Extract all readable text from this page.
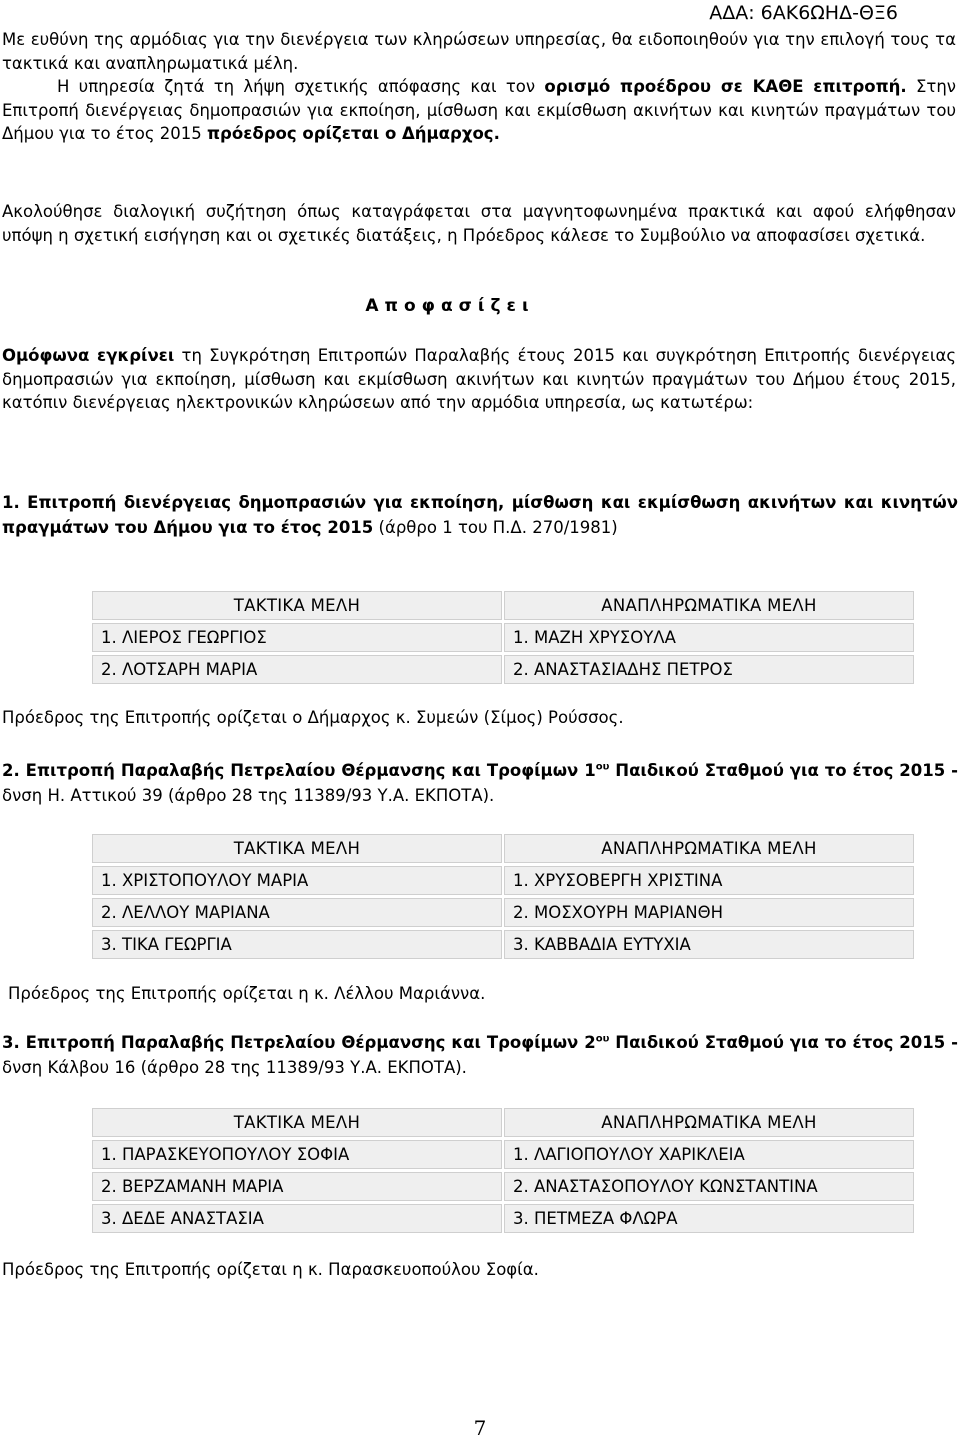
ΑΔΑ: 6ΑΚ6ΩΗΔ-ΘΞ6
Με ευθύνη της αρμόδιας για την διενέργεια των κληρώσεων υπηρεσίας, θα ειδοποιηθούν για την επιλογή τους τα τακτικά και αναπληρωματικά μέλη.
Η υπηρεσία ζητά τη λήψη σχετικής απόφασης και τον ορισμό προέδρου σε ΚΑΘΕ επιτροπή. Στην Επιτροπή διενέργειας δημοπρασιών για εκποίηση, μίσθωση και εκμίσθωση ακινήτων και κινητών πραγμάτων του Δήμου για το έτος 2015 πρόεδρος ορίζεται ο Δήμαρχος.
Ακολούθησε διαλογική συζήτηση όπως καταγράφεται στα μαγνητοφωνημένα πρακτικά και αφού ελήφθησαν υπόψη η σχετική εισήγηση και οι σχετικές διατάξεις, η Πρόεδρος κάλεσε το Συμβούλιο να αποφασίσει σχετικά.
Αποφασίζει
Ομόφωνα εγκρίνει τη Συγκρότηση Επιτροπών Παραλαβής έτους 2015 και συγκρότηση Επιτροπής διενέργειας δημοπρασιών για εκποίηση, μίσθωση και εκμίσθωση ακινήτων και κινητών πραγμάτων του Δήμου έτους 2015, κατόπιν διενέργειας ηλεκτρονικών κληρώσεων από την αρμόδια υπηρεσία, ως κατωτέρω:
1. Επιτροπή διενέργειας δημοπρασιών για εκποίηση, μίσθωση και εκμίσθωση ακινήτων και κινητών πραγμάτων του Δήμου για το έτος 2015 (άρθρο 1 του Π.Δ. 270/1981)
ΤΑΚΤΙΚΑ ΜΕΛΗ	ΑΝΑΠΛΗΡΩΜΑΤΙΚΑ ΜΕΛΗ
1. ΛΙΕΡΟΣ ΓΕΩΡΓΙΟΣ	1. ΜΑΖΗ ΧΡΥΣΟΥΛΑ
2. ΛΟΤΣΑΡΗ ΜΑΡΙΑ	2. ΑΝΑΣΤΑΣΙΑΔΗΣ ΠΕΤΡΟΣ
Πρόεδρος της Επιτροπής ορίζεται ο Δήμαρχος κ. Συμεών (Σίμος) Ρούσσος.
2. Επιτροπή Παραλαβής Πετρελαίου Θέρμανσης και Τροφίμων $1^{o\upsilon}$ Παιδικού Σταθμού για το έτος 2015 - δνση Η. Αττικού 39 (άρθρο 28 της 11389/93 Υ.Α. ΕΚΠΟΤΑ).
ΤΑΚΤΙΚΑ ΜΕΛΗ	ΑΝΑΠΛΗΡΩΜΑΤΙΚΑ ΜΕΛΗ
1. ΧΡΙΣΤΟΠΟΥΛΟΥ ΜΑΡΙΑ	1. ΧΡΥΣΟΒΕΡΓΗ ΧΡΙΣΤΙΝΑ
2. ΛΕΛΛΟΥ ΜΑΡΙΑΝΑ	2. ΜΟΣΧΟΥΡΗ ΜΑΡΙΑΝΘΗ
3. ΤΙΚΑ ΓΕΩΡΓΙΑ	3. ΚΑΒΒΑΔΙΑ ΕΥΤΥΧΙΑ
Πρόεδρος της Επιτροπής ορίζεται η κ. Λέλλου Μαριάννα.
3. Επιτροπή Παραλαβής Πετρελαίου Θέρμανσης και Τροφίμων $2^{o\upsilon}$ Παιδικού Σταθμού για το έτος 2015 - δνση Κάλβου 16 (άρθρο 28 της 11389/93 Υ.Α. ΕΚΠΟΤΑ).
ΤΑΚΤΙΚΑ ΜΕΛΗ	ΑΝΑΠΛΗΡΩΜΑΤΙΚΑ ΜΕΛΗ
1. ΠΑΡΑΣΚΕΥΟΠΟΥΛΟΥ ΣΟΦΙΑ	1. ΛΑΓΙΟΠΟΥΛΟΥ ΧΑΡΙΚΛΕΙΑ
2. ΒΕΡΖΑΜΑΝΗ ΜΑΡΙΑ	2. ΑΝΑΣΤΑΣΟΠΟΥΛΟΥ ΚΩΝΣΤΑΝΤΙΝΑ
3. ΔΕΔΕ ΑΝΑΣΤΑΣΙΑ	3. ΠΕΤΜΕΖΑ ΦΛΩΡΑ
Πρόεδρος της Επιτροπής ορίζεται η κ. Παρασκευοπούλου Σοφία.
7
